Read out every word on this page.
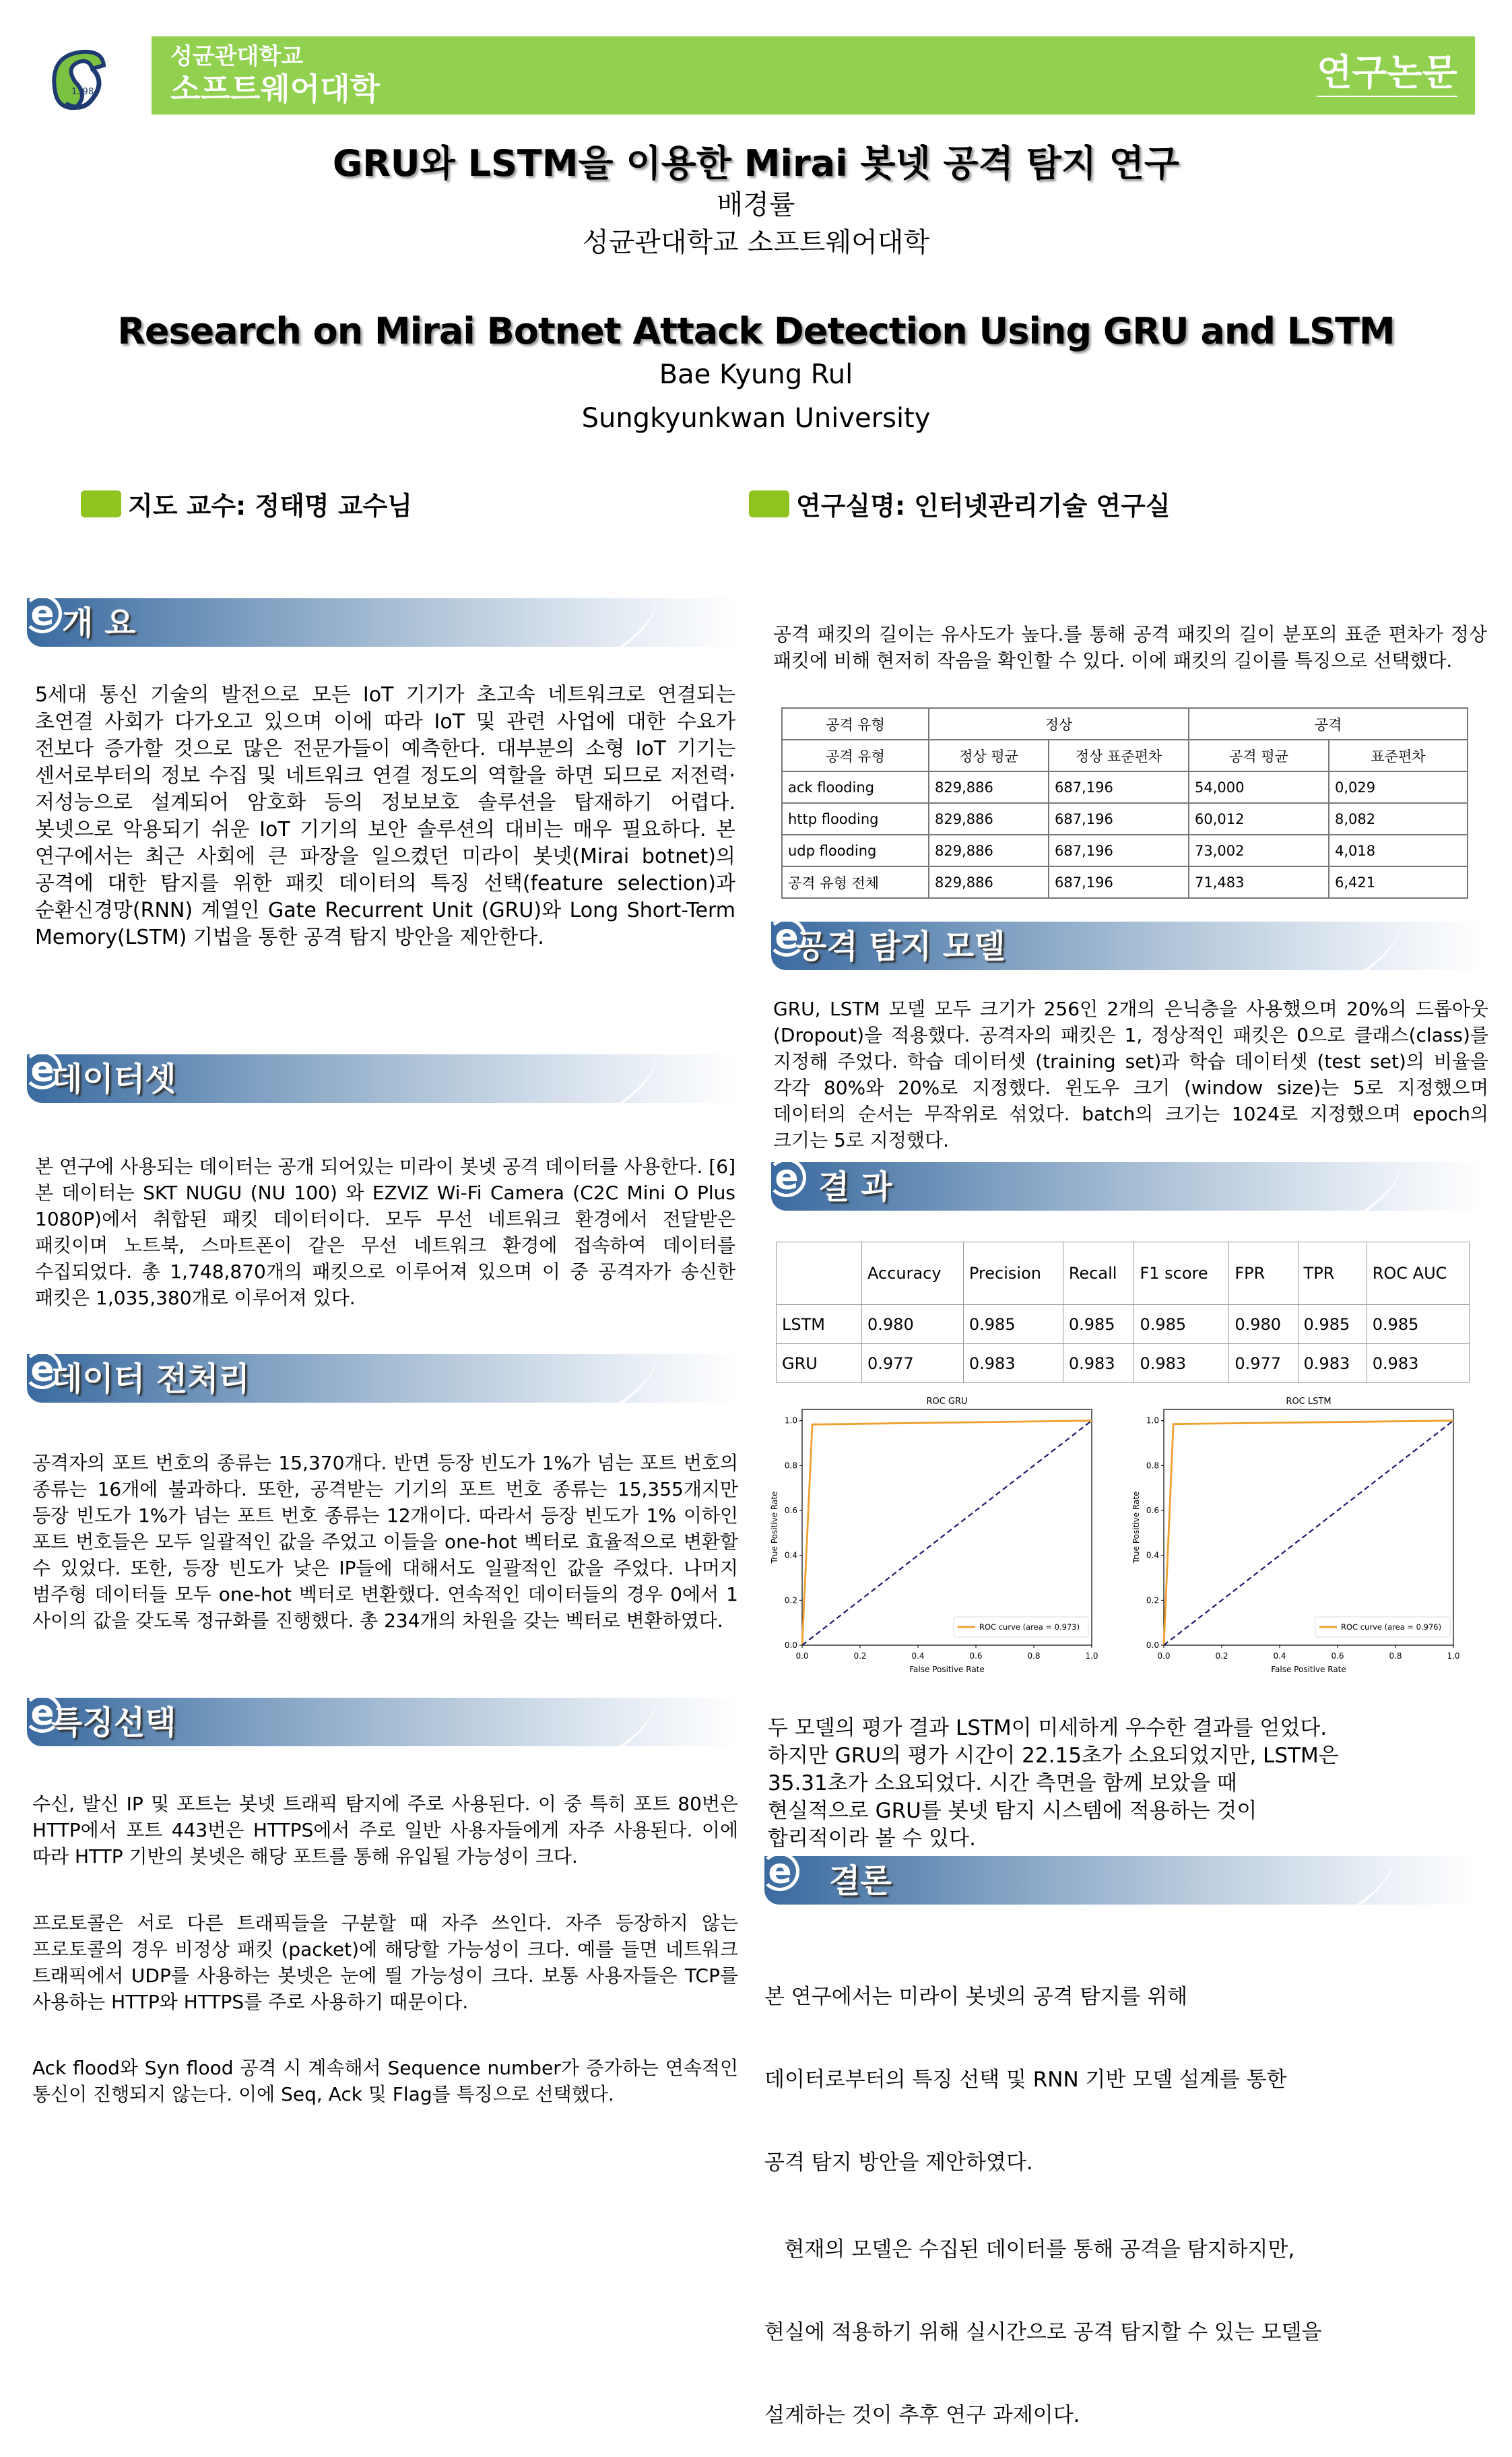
1398
성균관대학교
소프트웨어대학	연구논문
GRU와 LSTM을 이용한 Mirai 봇넷 공격 탐지 연구
배경률
성균관대학교 소프트웨어대학
Research on Mirai Botnet Attack Detection Using GRU and LSTM
Bae Kyung Rul
Sungkyunkwan University
지도 교수: 정태명 교수님	연구실명: 인터넷관리기술 연구실
e 개 요
5세대 통신 기술의 발전으로 모든 IoT 기기가 초고속 네트워크로 연결되는 초연결 사회가 다가오고 있으며 이에 따라 IoT 및 관련 사업에 대한 수요가 전보다 증가할 것으로 많은 전문가들이 예측한다. 대부분의 소형 IoT 기기는 센서로부터의 정보 수집 및 네트워크 연결 정도의 역할을 하면 되므로 저전력·저성능으로 설계되어 암호화 등의 정보보호 솔루션을 탑재하기 어렵다. 봇넷으로 악용되기 쉬운 IoT 기기의 보안 솔루션의 대비는 매우 필요하다. 본 연구에서는 최근 사회에 큰 파장을 일으켰던 미라이 봇넷(Mirai botnet)의 공격에 대한 탐지를 위한 패킷 데이터의 특징 선택(feature selection)과 순환신경망(RNN) 계열인 Gate Recurrent Unit (GRU)와 Long Short-Term Memory(LSTM) 기법을 통한 공격 탐지 방안을 제안한다.
e
데이터셋
본 연구에 사용되는 데이터는 공개 되어있는 미라이 봇넷 공격 데이터를 사용한다. [6] 본 데이터는 SKT NUGU (NU 100) 와 EZVIZ Wi-Fi Camera (C2C Mini O Plus 1080P)에서 취합된 패킷 데이터이다. 모두 무선 네트워크 환경에서 전달받은 패킷이며 노트북, 스마트폰이 같은 무선 네트워크 환경에 접속하여 데이터를 수집되었다. 총 1,748,870개의 패킷으로 이루어져 있으며 이 중 공격자가 송신한 패킷은 1,035,380개로 이루어져 있다.
e
데이터 전처리
공격자의 포트 번호의 종류는 15,370개다. 반면 등장 빈도가 1%가 넘는 포트 번호의 종류는 16개에 불과하다. 또한, 공격받는 기기의 포트 번호 종류는 15,355개지만 등장 빈도가 1%가 넘는 포트 번호 종류는 12개이다. 따라서 등장 빈도가 1% 이하인 포트 번호들은 모두 일괄적인 값을 주었고 이들을 one-hot 벡터로 효율적으로 변환할 수 있었다. 또한, 등장 빈도가 낮은 IP들에 대해서도 일괄적인 값을 주었다. 나머지 범주형 데이터들 모두 one-hot 벡터로 변환했다. 연속적인 데이터들의 경우 0에서 1 사이의 값을 갖도록 정규화를 진행했다. 총 234개의 차원을 갖는 벡터로 변환하였다.
e
특징선택
수신, 발신 IP 및 포트는 봇넷 트래픽 탐지에 주로 사용된다. 이 중 특히 포트 80번은 HTTP에서 포트 443번은 HTTPS에서 주로 일반 사용자들에게 자주 사용된다. 이에 따라 HTTP 기반의 봇넷은 해당 포트를 통해 유입될 가능성이 크다.
프로토콜은 서로 다른 트래픽들을 구분할 때 자주 쓰인다. 자주 등장하지 않는 프로토콜의 경우 비정상 패킷 (packet)에 해당할 가능성이 크다. 예를 들면 네트워크 트래픽에서 UDP를 사용하는 봇넷은 눈에 띌 가능성이 크다. 보통 사용자들은 TCP를 사용하는 HTTP와 HTTPS를 주로 사용하기 때문이다.
Ack flood와 Syn flood 공격 시 계속해서 Sequence number가 증가하는 연속적인 통신이 진행되지 않는다. 이에 Seq, Ack 및 Flag를 특징으로 선택했다.
공격 패킷의 길이는 유사도가 높다.를 통해 공격 패킷의 길이 분포의 표준 편차가 정상 패킷에 비해 현저히 작음을 확인할 수 있다. 이에 패킷의 길이를 특징으로 선택했다.
공격 유형	정상		공격	
공격 유형	정상 평균	정상 표준편차	공격 평균	표준편차
ack flooding	829,886	687,196	54,000	0,029
http flooding	829,886	687,196	60,012	8,082
udp flooding	829,886	687,196	73,002	4,018
공격 유형 전체	829,886	687,196	71,483	6,421
e
공격 탐지 모델
GRU, LSTM 모델 모두 크기가 256인 2개의 은닉층을 사용했으며 20%의 드롭아웃(Dropout)을 적용했다. 공격자의 패킷은 1, 정상적인 패킷은 0으로 클래스(class)를 지정해 주었다. 학습 데이터셋 (training set)과 학습 데이터셋 (test set)의 비율을 각각 80%와 20%로 지정했다. 윈도우 크기 (window size)는 5로 지정했으며 데이터의 순서는 무작위로 섞었다. batch의 크기는 1024로 지정했으며 epoch의 크기는 5로 지정했다.
e 결 과
	Accuracy	Precision	Recall	F1 score	FPR	TPR	ROC AUC
LSTM	0.980	0.985	0.985	0.985	0.980	0.985	0.985
GRU	0.977	0.983	0.983	0.983	0.977	0.983	0.983
ROC GRU
0.0	0.2	0.4	0.6	0.8	1.0
0.0
0.2
0.4
0.6
0.8
1.0
False Positive Rate
True Positive Rate
ROC curve (area = 0.973)
ROC LSTM
0.0	0.2	0.4	0.6	0.8	1.0
0.0
0.2
0.4
0.6
0.8
1.0
False Positive Rate
True Positive Rate
ROC curve (area = 0.976)
두 모델의 평가 결과 LSTM이 미세하게 우수한 결과를 얻었다.
하지만 GRU의 평가 시간이 22.15초가 소요되었지만, LSTM은
35.31초가 소요되었다. 시간 측면을 함께 보았을 때
현실적으로 GRU를 봇넷 탐지 시스템에 적용하는 것이
합리적이라 볼 수 있다.
e 결론

본 연구에서는 미라이 봇넷의 공격 탐지를 위해

데이터로부터의 특징 선택 및 RNN 기반 모델 설계를 통한

공격 탐지 방안을 제안하였다.

현재의 모델은 수집된 데이터를 통해 공격을 탐지하지만,

현실에 적용하기 위해 실시간으로 공격 탐지할 수 있는 모델을

설계하는 것이 추후 연구 과제이다.
